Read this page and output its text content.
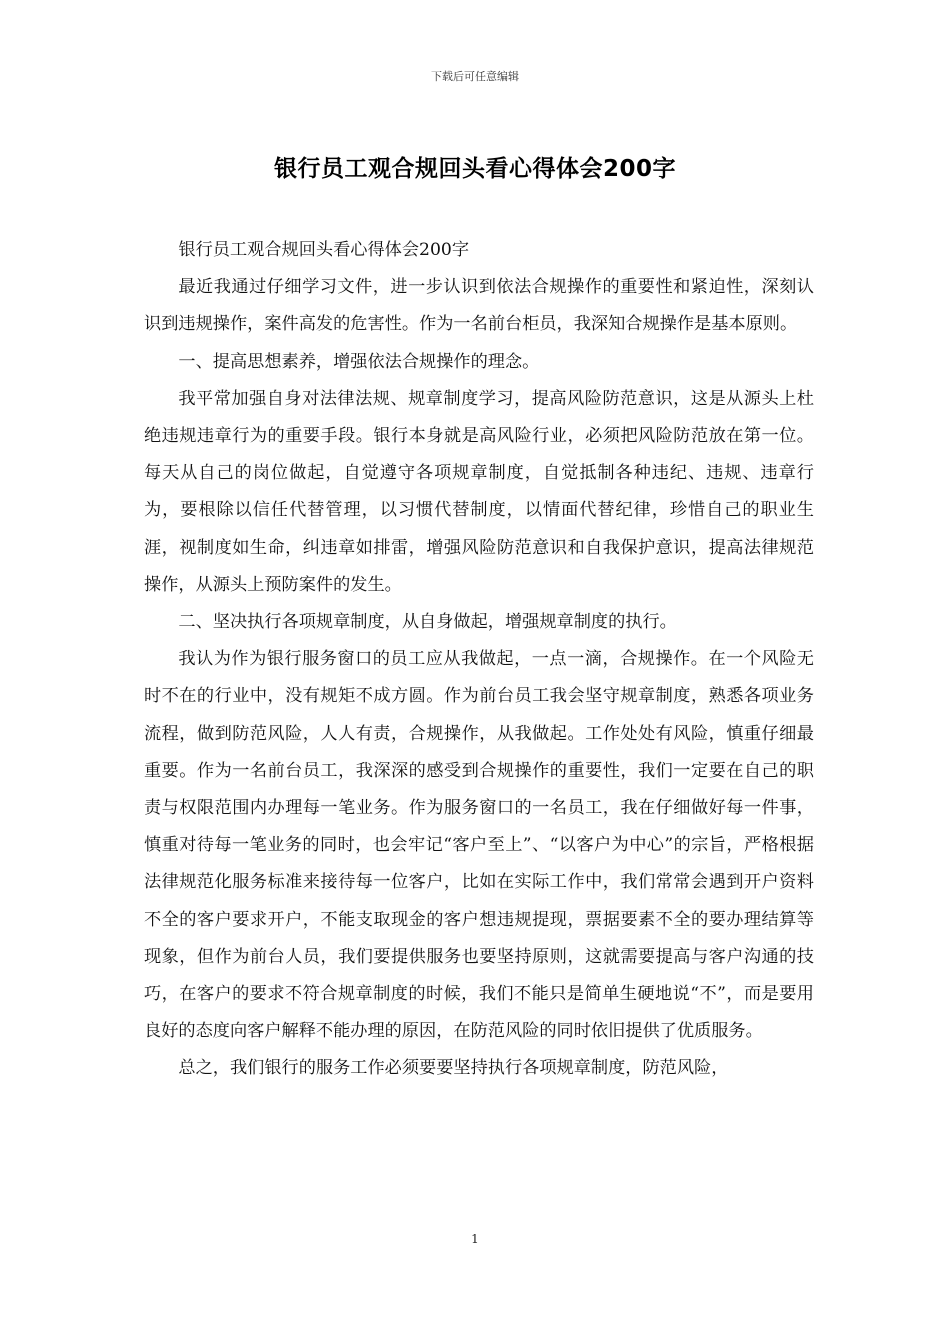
下载后可任意编辑
银行员工观合规回头看心得体会200字

银行员工观合规回头看心得体会200字

最近我通过仔细学习文件，进一步认识到依法合规操作的重要性和紧迫性，深刻认识到违规操作，案件高发的危害性。作为一名前台柜员，我深知合规操作是基本原则。

一、提高思想素养，增强依法合规操作的理念。

我平常加强自身对法律法规、规章制度学习，提高风险防范意识，这是从源头上杜绝违规违章行为的重要手段。银行本身就是高风险行业，必须把风险防范放在第一位。每天从自己的岗位做起，自觉遵守各项规章制度，自觉抵制各种违纪、违规、违章行为，要根除以信任代替管理，以习惯代替制度，以情面代替纪律，珍惜自己的职业生涯，视制度如生命，纠违章如排雷，增强风险防范意识和自我保护意识，提高法律规范操作，从源头上预防案件的发生。

二、坚决执行各项规章制度，从自身做起，增强规章制度的执行。

我认为作为银行服务窗口的员工应从我做起，一点一滴，合规操作。在一个风险无时不在的行业中，没有规矩不成方圆。作为前台员工我会坚守规章制度，熟悉各项业务流程，做到防范风险，人人有责，合规操作，从我做起。工作处处有风险，慎重仔细最重要。作为一名前台员工，我深深的感受到合规操作的重要性，我们一定要在自己的职责与权限范围内办理每一笔业务。作为服务窗口的一名员工，我在仔细做好每一件事，慎重对待每一笔业务的同时，也会牢记“客户至上”、“以客户为中心”的宗旨，严格根据法律规范化服务标准来接待每一位客户，比如在实际工作中，我们常常会遇到开户资料不全的客户要求开户，不能支取现金的客户想违规提现，票据要素不全的要办理结算等现象，但作为前台人员，我们要提供服务也要坚持原则，这就需要提高与客户沟通的技巧，在客户的要求不符合规章制度的时候，我们不能只是简单生硬地说“不”，而是要用良好的态度向客户解释不能办理的原因，在防范风险的同时依旧提供了优质服务。

总之，我们银行的服务工作必须要要坚持执行各项规章制度，防范风险，

1
